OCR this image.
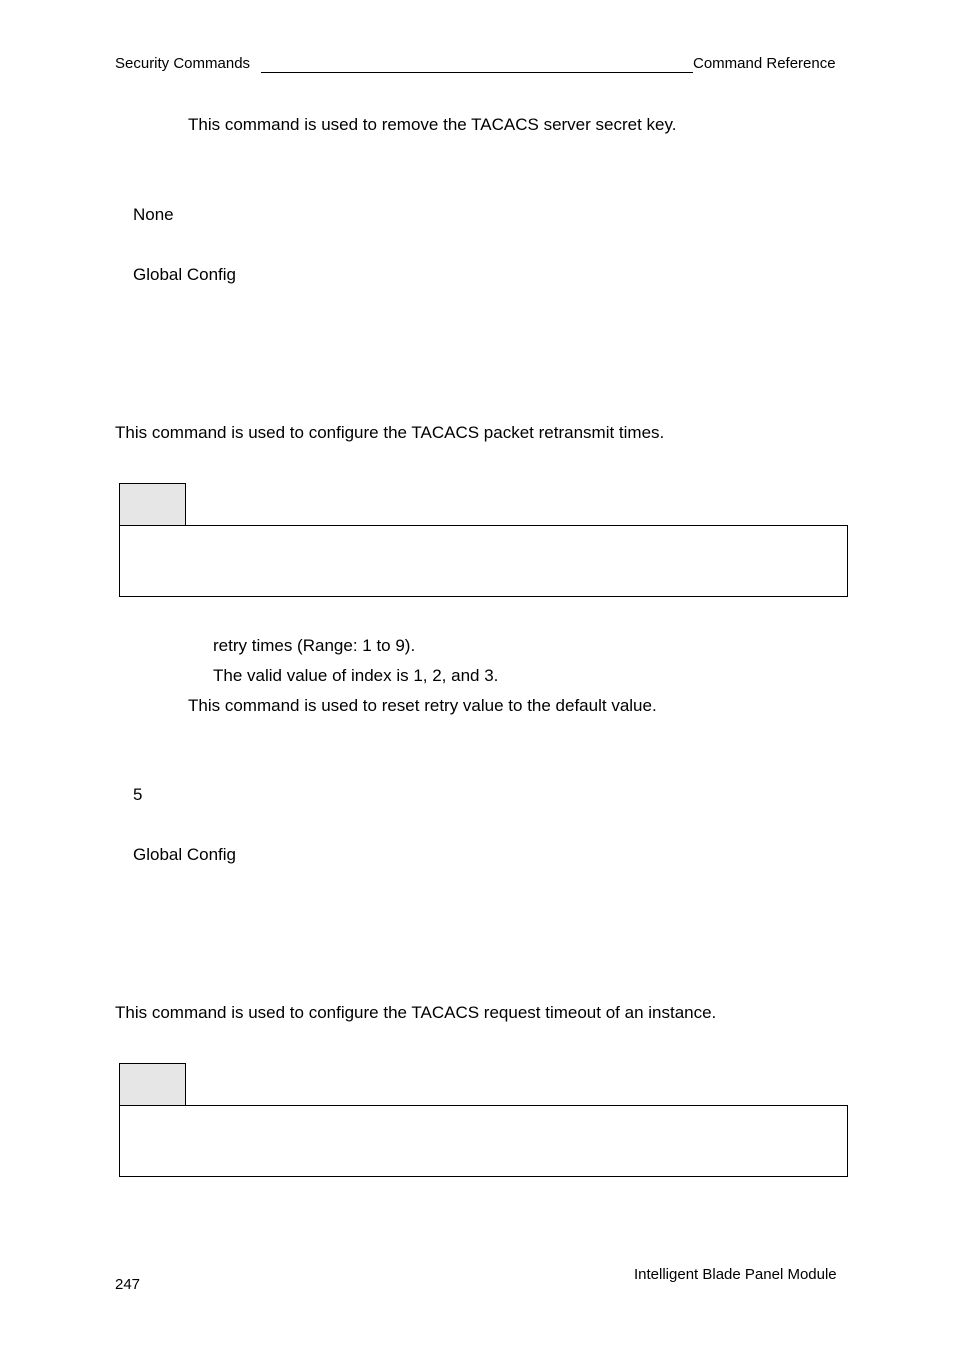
Security Commands	Command Reference
This command is used to remove the TACACS server secret key.
None
Global Config
This command is used to configure the TACACS packet retransmit times.
retry times (Range: 1 to 9).
The valid value of index is 1, 2, and 3.
This command is used to reset retry value to the default value.
5
Global Config
This command is used to configure the TACACS request timeout of an instance.
247
Intelligent Blade Panel Module
